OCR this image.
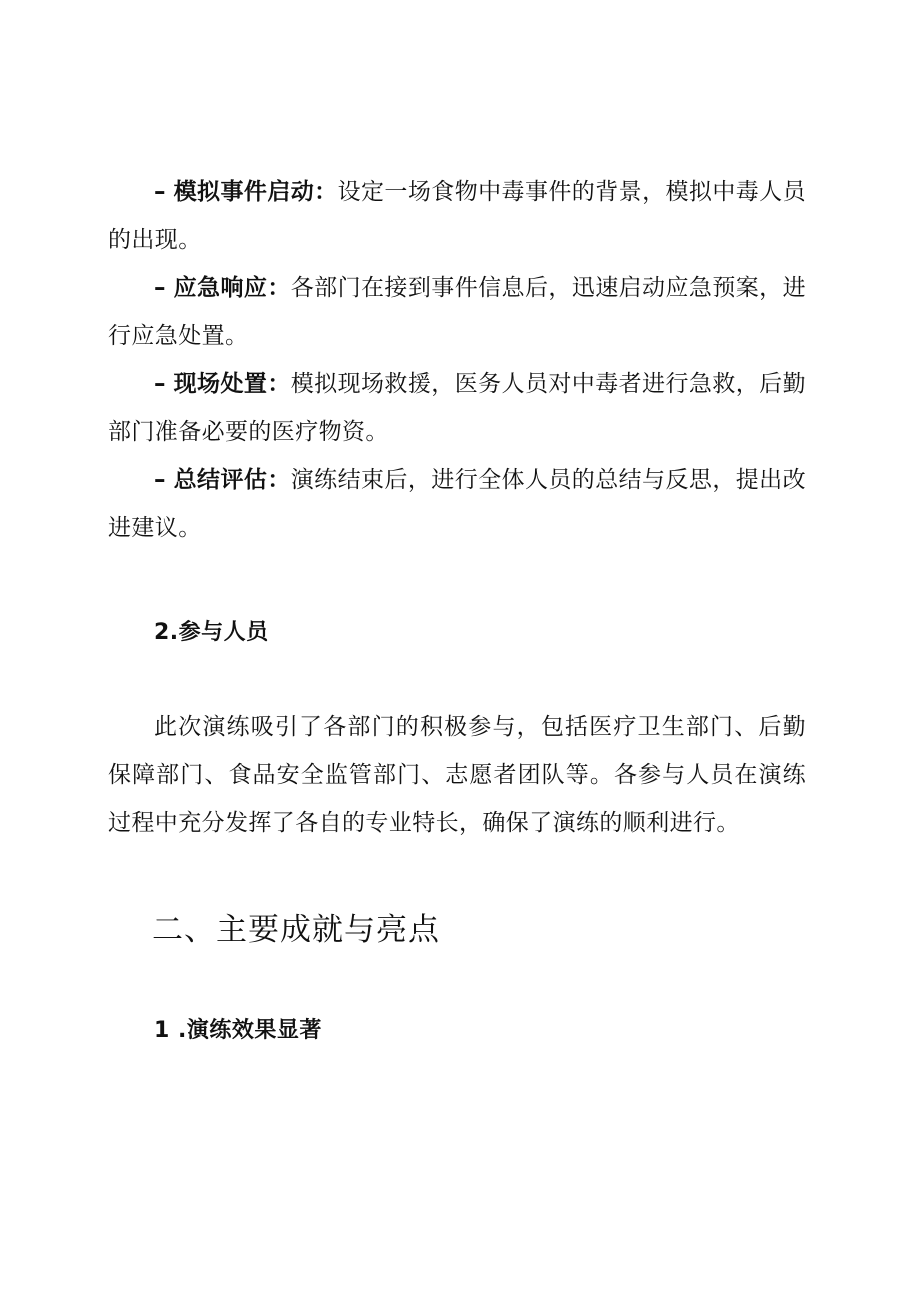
– 模拟事件启动：设定一场食物中毒事件的背景，模拟中毒人员的出现。
– 应急响应：各部门在接到事件信息后，迅速启动应急预案，进行应急处置。
– 现场处置：模拟现场救援，医务人员对中毒者进行急救，后勤部门准备必要的医疗物资。
– 总结评估：演练结束后，进行全体人员的总结与反思，提出改进建议。
2.参与人员
此次演练吸引了各部门的积极参与，包括医疗卫生部门、后勤保障部门、食品安全监管部门、志愿者团队等。各参与人员在演练过程中充分发挥了各自的专业特长，确保了演练的顺利进行。
二、主要成就与亮点
1 .演练效果显著
